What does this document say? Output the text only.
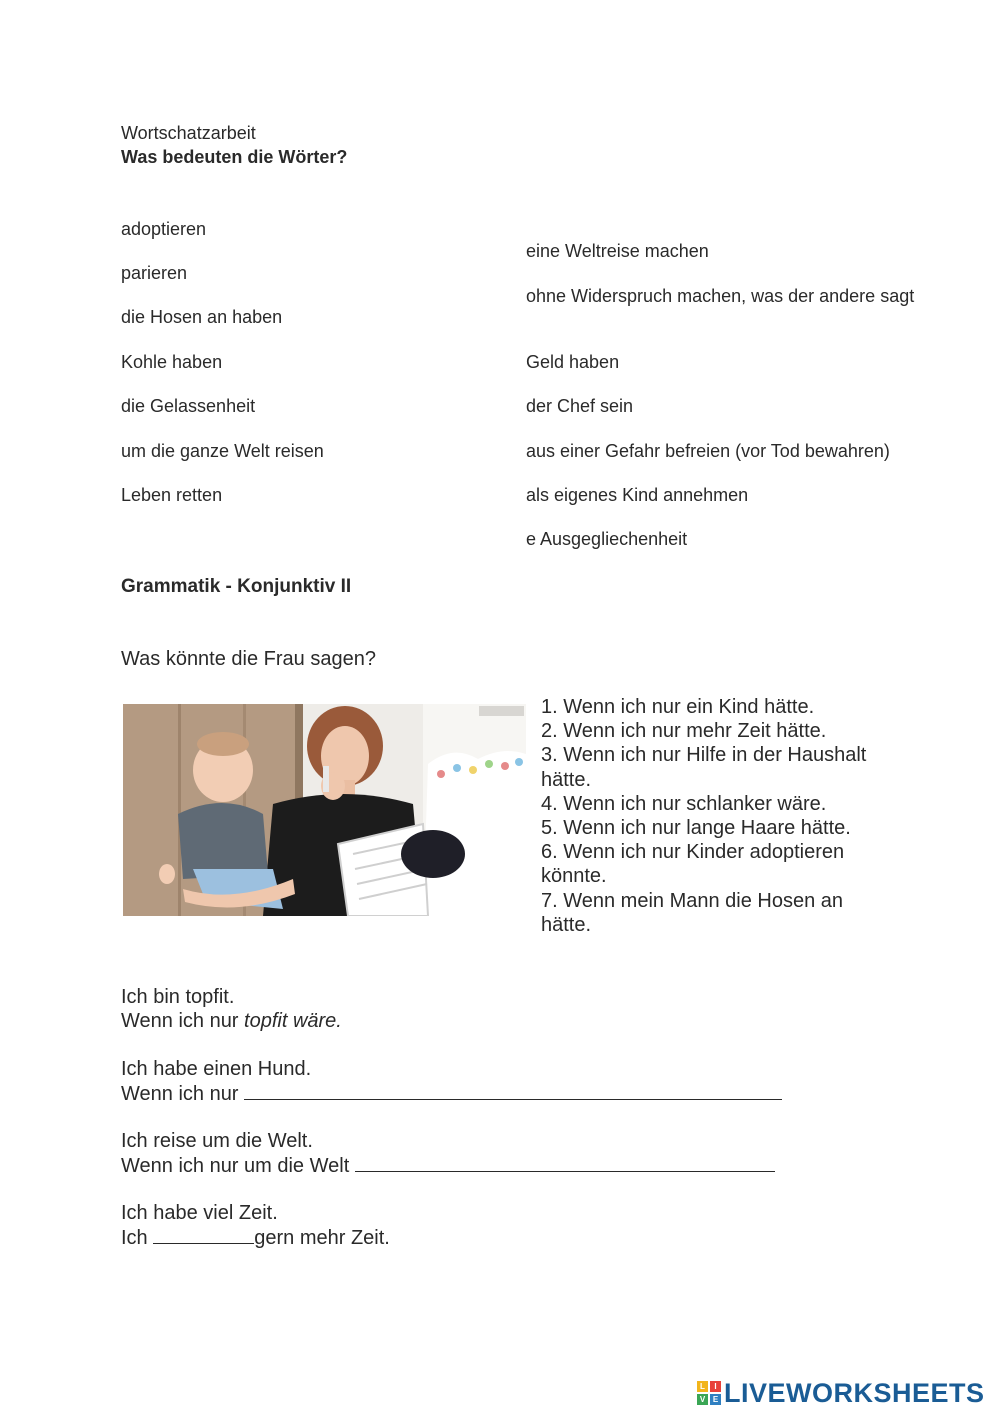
Wortschatzarbeit
Was bedeuten die Wörter?
adoptieren
parieren
die Hosen an haben
Kohle haben
die Gelassenheit
um die ganze Welt reisen
Leben retten
eine Weltreise machen
ohne Widerspruch machen, was der andere sagt
Geld haben
der Chef sein
aus einer Gefahr befreien (vor Tod bewahren)
als eigenes Kind annehmen
e Ausgegliechenheit
Grammatik - Konjunktiv II
Was könnte die Frau sagen?
1. Wenn ich nur ein Kind hätte.
2. Wenn ich nur mehr Zeit hätte.
3. Wenn ich nur Hilfe in der Haushalt hätte.
4. Wenn ich nur schlanker wäre.
5. Wenn ich nur lange Haare hätte.
6. Wenn ich nur Kinder adoptieren könnte.
7. Wenn mein Mann die Hosen an hätte.
Ich bin topfit.
Wenn ich nur topfit wäre.
Ich habe einen Hund.
Wenn ich nur
Ich reise um die Welt.
Wenn ich nur um die Welt
Ich habe viel Zeit.
Ich	gern mehr Zeit.
L	I
V E LIVEWORKSHEETS
